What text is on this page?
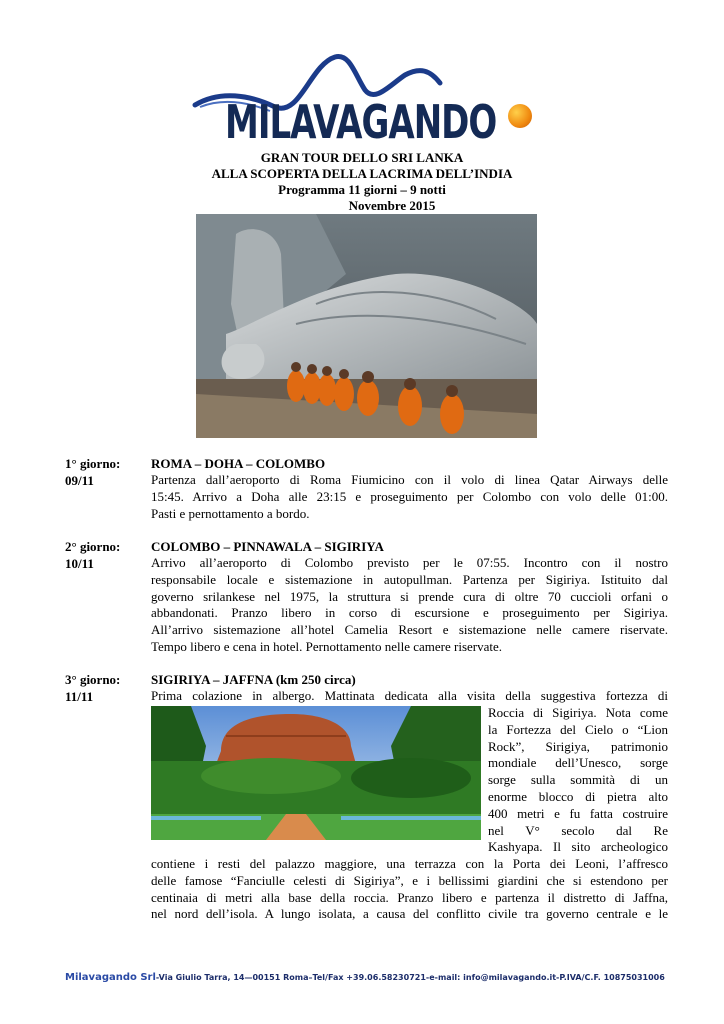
MILAVAGANDO
GRAN TOUR DELLO SRI LANKA
ALLA SCOPERTA DELLA LACRIMA DELL’INDIA
Programma 11 giorni – 9 notti
Novembre 2015
1° giorno:
09/11
ROMA – DOHA – COLOMBO
Partenza dall’aeroporto di Roma Fiumicino con il volo di linea Qatar Airways delle
15:45. Arrivo a Doha alle 23:15 e proseguimento per Colombo con volo delle 01:00.
Pasti e pernottamento a bordo.
2° giorno:
10/11
COLOMBO – PINNAWALA – SIGIRIYA
Arrivo all’aeroporto di Colombo previsto per le 07:55. Incontro con il nostro
responsabile locale e sistemazione in autopullman. Partenza per Sigiriya. Istituito dal
governo srilankese nel 1975, la struttura si prende cura di oltre 70 cuccioli orfani o
abbandonati. Pranzo libero in corso di escursione e proseguimento per Sigiriya.
All’arrivo sistemazione all’hotel Camelia Resort e sistemazione nelle camere riservate.
Tempo libero e cena in hotel. Pernottamento nelle camere riservate.
3° giorno:
11/11
SIGIRIYA – JAFFNA (km 250 circa)
Prima colazione in albergo. Mattinata dedicata alla visita della suggestiva fortezza di
Roccia di Sigiriya. Nota come
la Fortezza del Cielo o “Lion
Rock”, Sirigiya, patrimonio
mondiale dell’Unesco, sorge
sorge sulla sommità di un
enorme blocco di pietra alto
400 metri e fu fatta costruire
nel V° secolo dal Re
Kashyapa. Il sito archeologico
contiene i resti del palazzo maggiore, una terrazza con la Porta dei Leoni, l’affresco
delle famose “Fanciulle celesti di Sigiriya”, e i bellissimi giardini che si estendono per
centinaia di metri alla base della roccia. Pranzo libero e partenza il distretto di Jaffna,
nel nord dell’isola. A lungo isolata, a causa del conflitto civile tra governo centrale e le
Milavagando Srl-Via Giulio Tarra, 14—00151 Roma–Tel/Fax +39.06.58230721-e-mail: info@milavagando.it-P.IVA/C.F. 10875031006
